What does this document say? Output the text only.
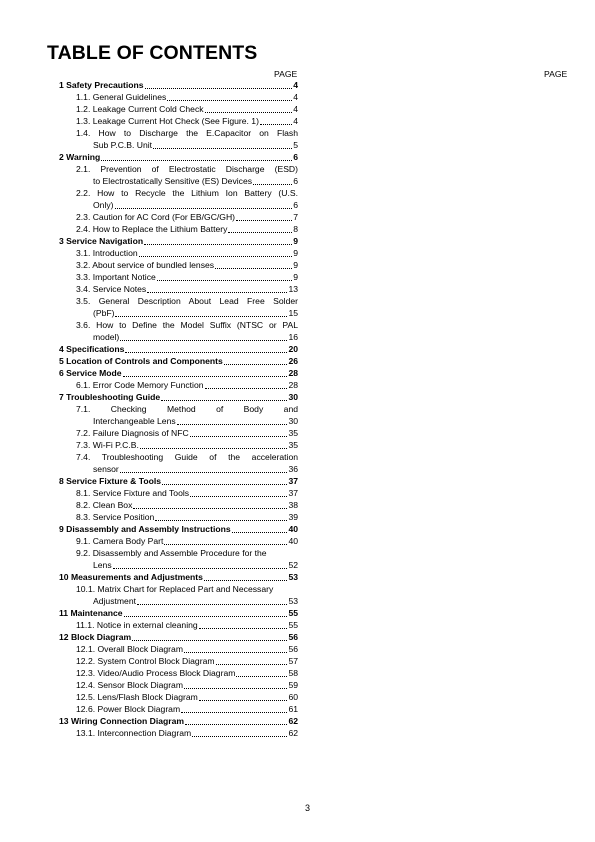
TABLE OF CONTENTS
PAGE	PAGE
1 Safety Precautions	4
1.1. General Guidelines	4
1.2. Leakage Current Cold Check	4
1.3. Leakage Current Hot Check (See Figure. 1)	4
1.4. How to Discharge the E.Capacitor on Flash
Sub P.C.B. Unit	5
2 Warning	6
2.1. Prevention of Electrostatic Discharge (ESD)
to Electrostatically Sensitive (ES) Devices	6
2.2. How to Recycle the Lithium Ion Battery (U.S.
Only)	6
2.3. Caution for AC Cord (For EB/GC/GH)	7
2.4. How to Replace the Lithium Battery	8
3 Service Navigation	9
3.1. Introduction	9
3.2. About service of bundled lenses	9
3.3. Important Notice	9
3.4. Service Notes	13
3.5. General Description About Lead Free Solder
(PbF)	15
3.6. How to Define the Model Suffix (NTSC or PAL
model)	16
4 Specifications	20
5 Location of Controls and Components	26
6 Service Mode	28
6.1. Error Code Memory Function	28
7 Troubleshooting Guide	30
7.1. Checking Method of Body and
Interchangeable Lens	30
7.2. Failure Diagnosis of NFC	35
7.3. Wi-Fi P.C.B.	35
7.4. Troubleshooting Guide of the acceleration
sensor	36
8 Service Fixture & Tools	37
8.1. Service Fixture and Tools	37
8.2. Clean Box	38
8.3. Service Position	39
9 Disassembly and Assembly Instructions	40
9.1. Camera Body Part	40
9.2. Disassembly and Assemble Procedure for the
Lens	52
10 Measurements and Adjustments	53
10.1. Matrix Chart for Replaced Part and Necessary
Adjustment	53
11 Maintenance	55
11.1. Notice in external cleaning	55
12 Block Diagram	56
12.1. Overall Block Diagram	56
12.2. System Control Block Diagram	57
12.3. Video/Audio Process Block Diagram	58
12.4. Sensor Block Diagram	59
12.5. Lens/Flash Block Diagram	60
12.6. Power Block Diagram	61
13 Wiring Connection Diagram	62
13.1. Interconnection Diagram	62
3
